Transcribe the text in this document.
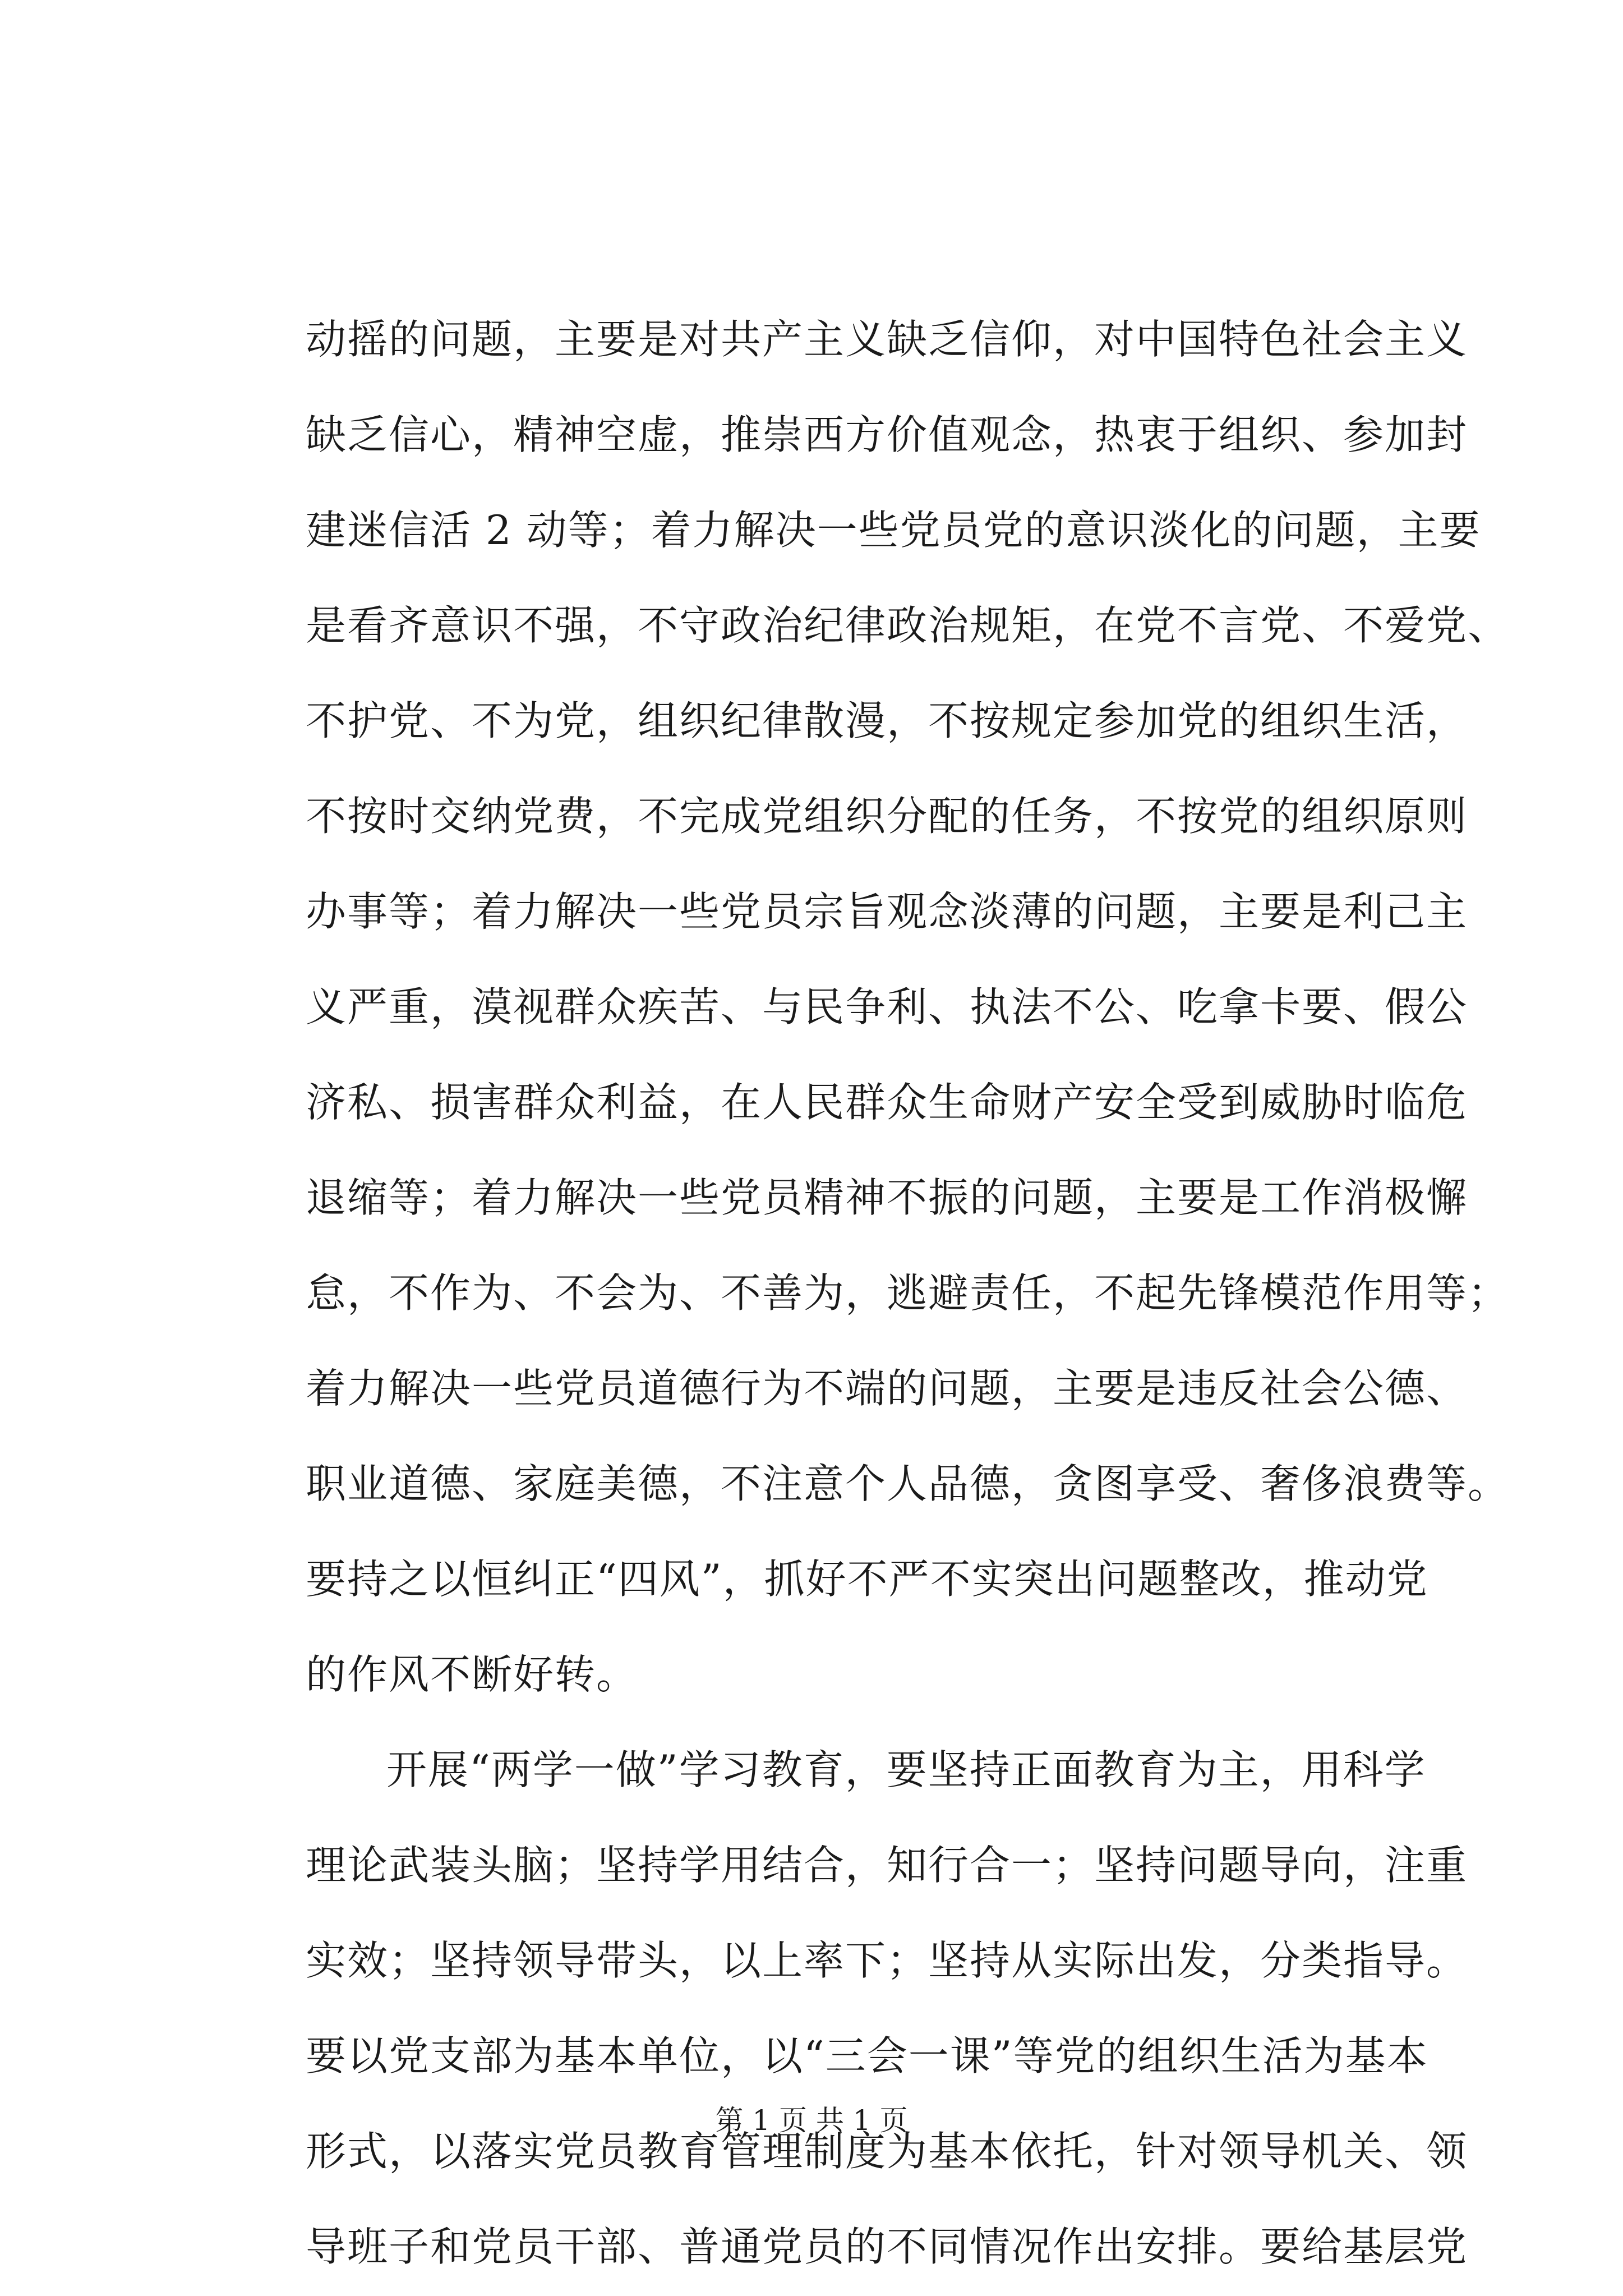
动摇的问题，主要是对共产主义缺乏信仰，对中国特色社会主义
缺乏信心，精神空虚，推崇西方价值观念，热衷于组织、参加封
建迷信活 2 动等；着力解决一些党员党的意识淡化的问题，主要
是看齐意识不强，不守政治纪律政治规矩，在党不言党、不爱党、
不护党、不为党，组织纪律散漫，不按规定参加党的组织生活，
不按时交纳党费，不完成党组织分配的任务，不按党的组织原则
办事等；着力解决一些党员宗旨观念淡薄的问题，主要是利己主
义严重，漠视群众疾苦、与民争利、执法不公、吃拿卡要、假公
济私、损害群众利益，在人民群众生命财产安全受到威胁时临危
退缩等；着力解决一些党员精神不振的问题，主要是工作消极懈
怠，不作为、不会为、不善为，逃避责任，不起先锋模范作用等；
着力解决一些党员道德行为不端的问题，主要是违反社会公德、
职业道德、家庭美德，不注意个人品德，贪图享受、奢侈浪费等。
要持之以恒纠正“四风”，抓好不严不实突出问题整改，推动党
的作风不断好转。
开展“两学一做”学习教育，要坚持正面教育为主，用科学
理论武装头脑；坚持学用结合，知行合一；坚持问题导向，注重
实效；坚持领导带头，以上率下；坚持从实际出发，分类指导。
要以党支部为基本单位，以“三会一课”等党的组织生活为基本
形式，以落实党员教育管理制度为基本依托，针对领导机关、领
导班子和党员干部、普通党员的不同情况作出安排。要给基层党
第 1 页 共 1 页
